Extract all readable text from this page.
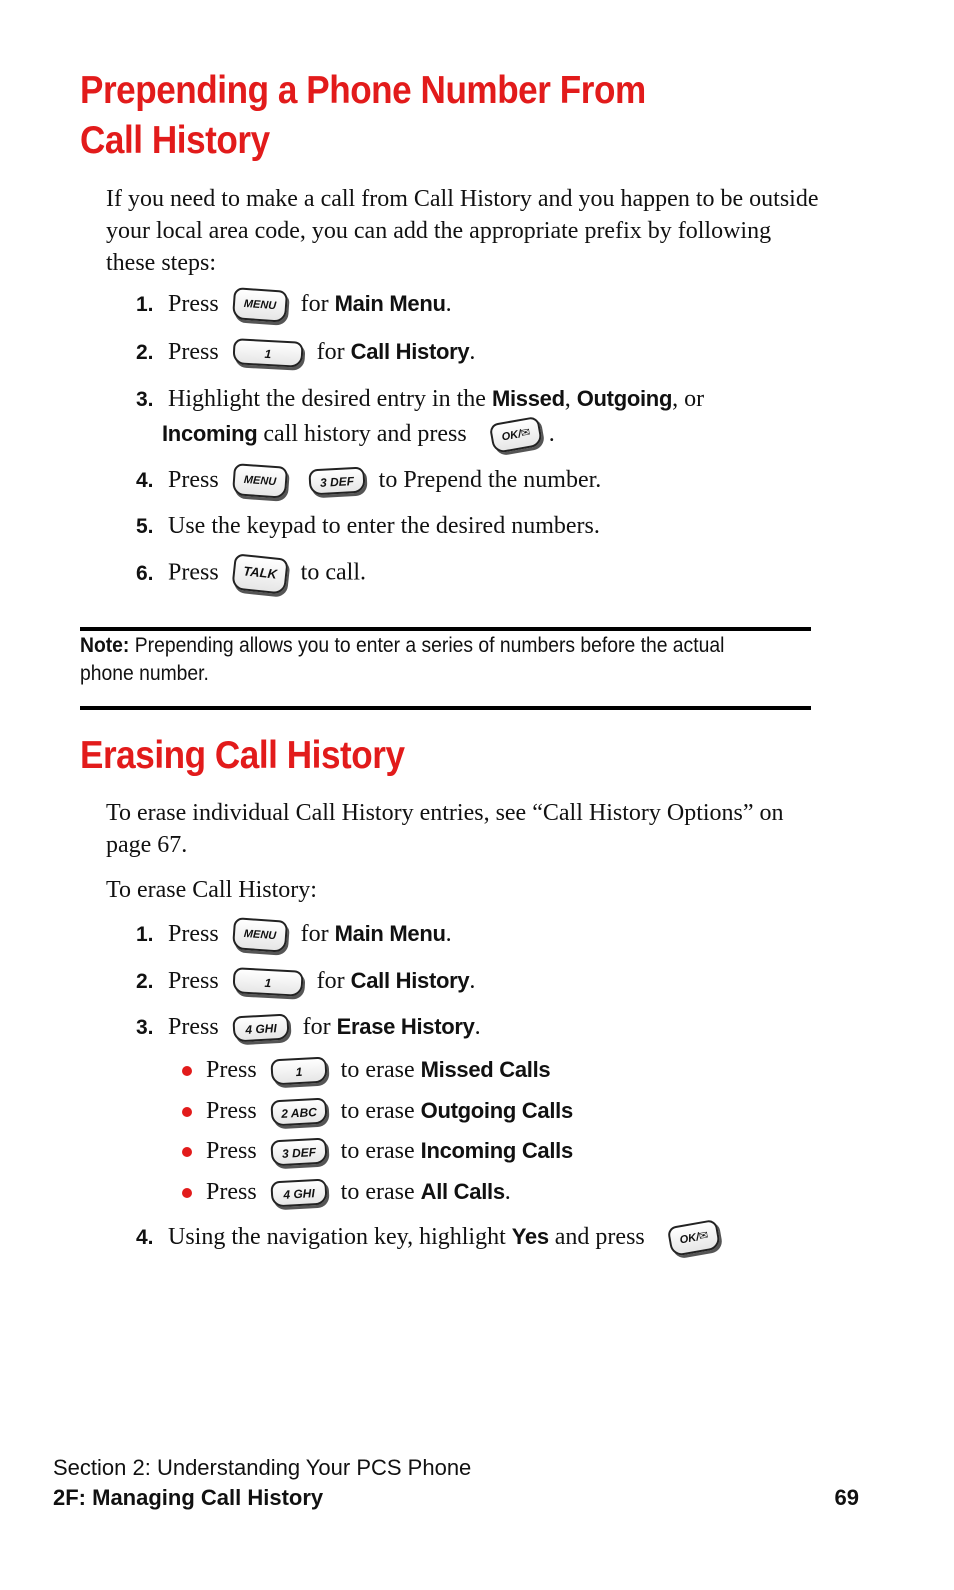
Prepending a Phone Number From
Call History

If you need to make a call from Call History and you happen to be outside your local area code, you can add the appropriate prefix by following these steps:

1. Press MENU for Main Menu.
2. Press	1 for Call History.
3. Highlight the desired entry in the Missed, Outgoing, or
Incoming call history and press	OK/✉ .
4. Press MENU	3 DEF to Prepend the number.
5. Use the keypad to enter the desired numbers.
6. Press TALK to call.

Note: Prepending allows you to enter a series of numbers before the actual phone number.

Erasing Call History

To erase individual Call History entries, see “Call History Options” on page 67.

To erase Call History:

1. Press MENU for Main Menu.
2. Press	1 for Call History.
3. Press 4 GHI for Erase History.
Press	1 to erase Missed Calls
Press 2 ABC to erase Outgoing Calls
Press 3 DEF to erase Incoming Calls
Press 4 GHI to erase All Calls.
4. Using the navigation key, highlight Yes and press	OK/✉
Section 2: Understanding Your PCS Phone
2F: Managing Call History	69
